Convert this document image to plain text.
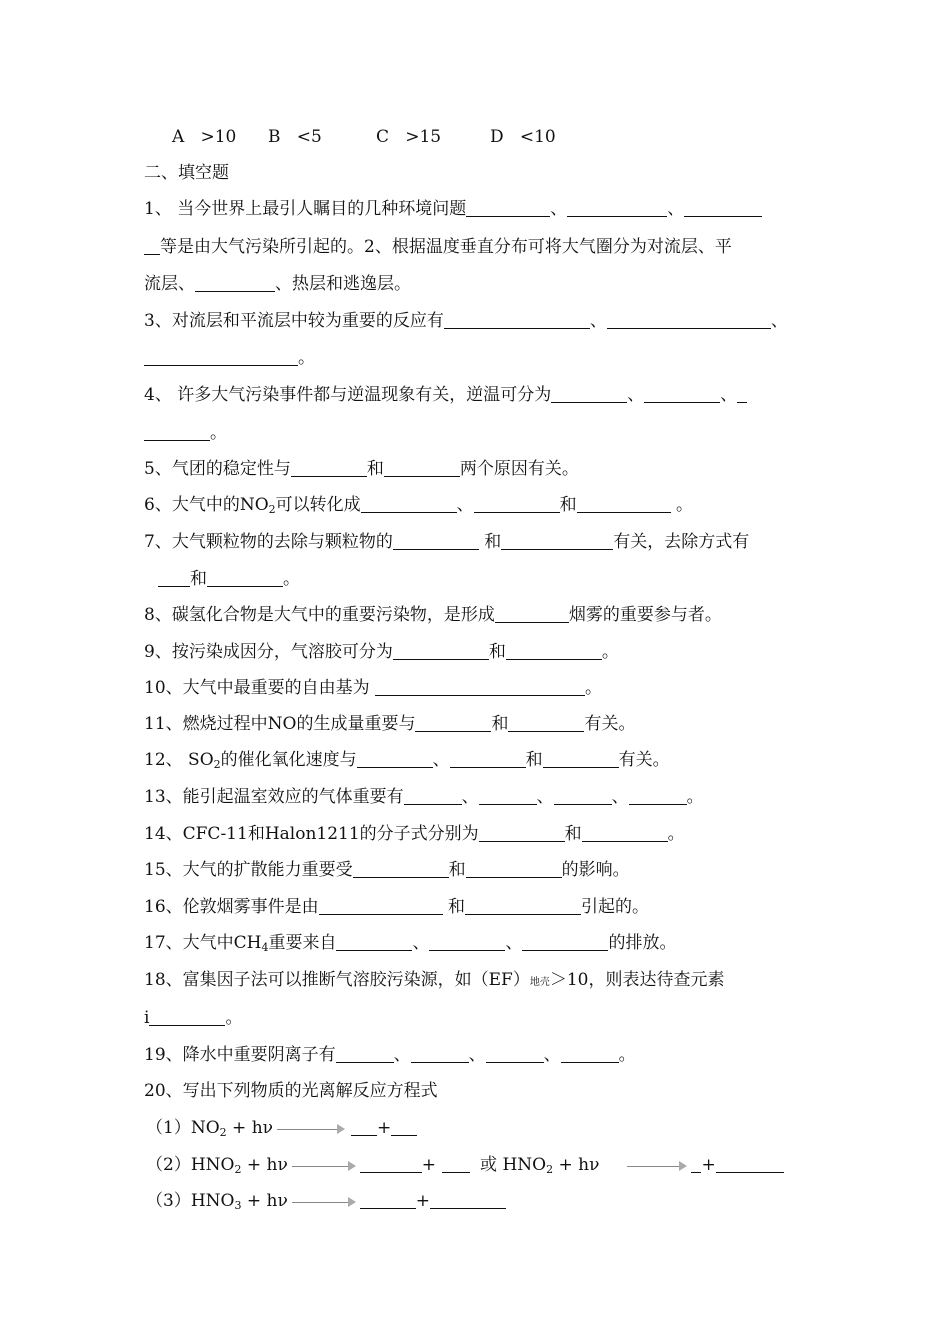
A   >10 B   <5	C   >15	D   <10
二、填空题
1、 当今世界上最引人瞩目的几种环境问题	、	、
等是由大气污染所引起的。2、根据温度垂直分布可将大气圈分为对流层、平
流层、	、热层和逃逸层。
3、对流层和平流层中较为重要的反应有	、	、
。
4、 许多大气污染事件都与逆温现象有关，逆温可分为	、	、
。
5、气团的稳定性与	和	两个原因有关。
6、大气中的$NO_2$可以转化成	、	和	。
7、大气颗粒物的去除与颗粒物的	和	有关，去除方式有
和	。
8、碳氢化合物是大气中的重要污染物，是形成	烟雾的重要参与者。
9、按污染成因分，气溶胶可分为	和	。
10、大气中最重要的自由基为	。
11、燃烧过程中NO的生成量重要与	和	有关。
12、 $SO_2$的催化氧化速度与	、	和	有关。
13、能引起温室效应的气体重要有	、	、	、	。
14、CFC-11和Halon1211的分子式分别为	和	。
15、大气的扩散能力重要受	和	的影响。
16、伦敦烟雾事件是由	和	引起的。
17、大气中$CH_4$重要来自	、	、	的排放。
18、富集因子法可以推断气溶胶污染源，如（EF）地壳＞10，则表达待查元素
i	。
19、降水中重要阴离子有	、	、	、	。
20、写出下列物质的光离解反应方程式
$(1)NO_2 + h\nu$	+
$(2)HNO_2 + h\nu$	+	或 $HNO_2 + h\nu$	+
$(3)HNO_3 + h\nu$	+
